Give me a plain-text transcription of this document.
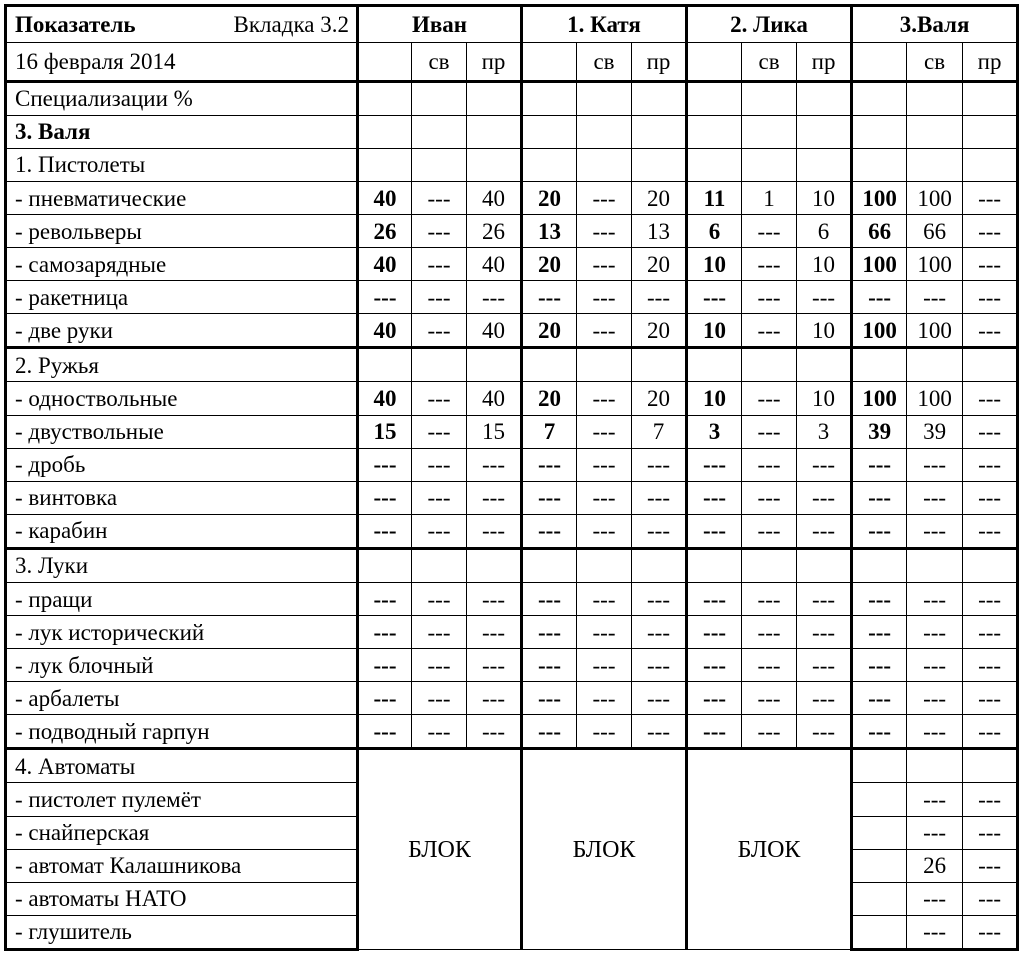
Показатель Вкладка 3.2	Иван			1. Катя			2. Лика			3.Валя		
16 февраля 2014		св	пр		св	пр		св	пр		св	пр
Специализации %												
3. Валя												
1. Пистолеты												
- пневматические	40	---	40	20	---	20	11	1	10	100	100	---
- револьверы	26	---	26	13	---	13	6	---	6	66	66	---
- самозарядные	40	---	40	20	---	20	10	---	10	100	100	---
- ракетница	---	---	---	---	---	---	---	---	---	---	---	---
- две руки	40	---	40	20	---	20	10	---	10	100	100	---
2. Ружья												
- одноствольные	40	---	40	20	---	20	10	---	10	100	100	---
- двуствольные	15	---	15	7	---	7	3	---	3	39	39	---
- дробь	---	---	---	---	---	---	---	---	---	---	---	---
- винтовка	---	---	---	---	---	---	---	---	---	---	---	---
- карабин	---	---	---	---	---	---	---	---	---	---	---	---
3. Луки												
- пращи	---	---	---	---	---	---	---	---	---	---	---	---
- лук исторический	---	---	---	---	---	---	---	---	---	---	---	---
- лук блочный	---	---	---	---	---	---	---	---	---	---	---	---
- арбалеты	---	---	---	---	---	---	---	---	---	---	---	---
- подводный гарпун	---	---	---	---	---	---	---	---	---	---	---	---
4. Автоматы	БЛОК			БЛОК			БЛОК					
- пистолет пулемёт											---	---
- снайперская											---	---
- автомат Калашникова											26	---
- автоматы НАТО											---	---
- глушитель											---	---
